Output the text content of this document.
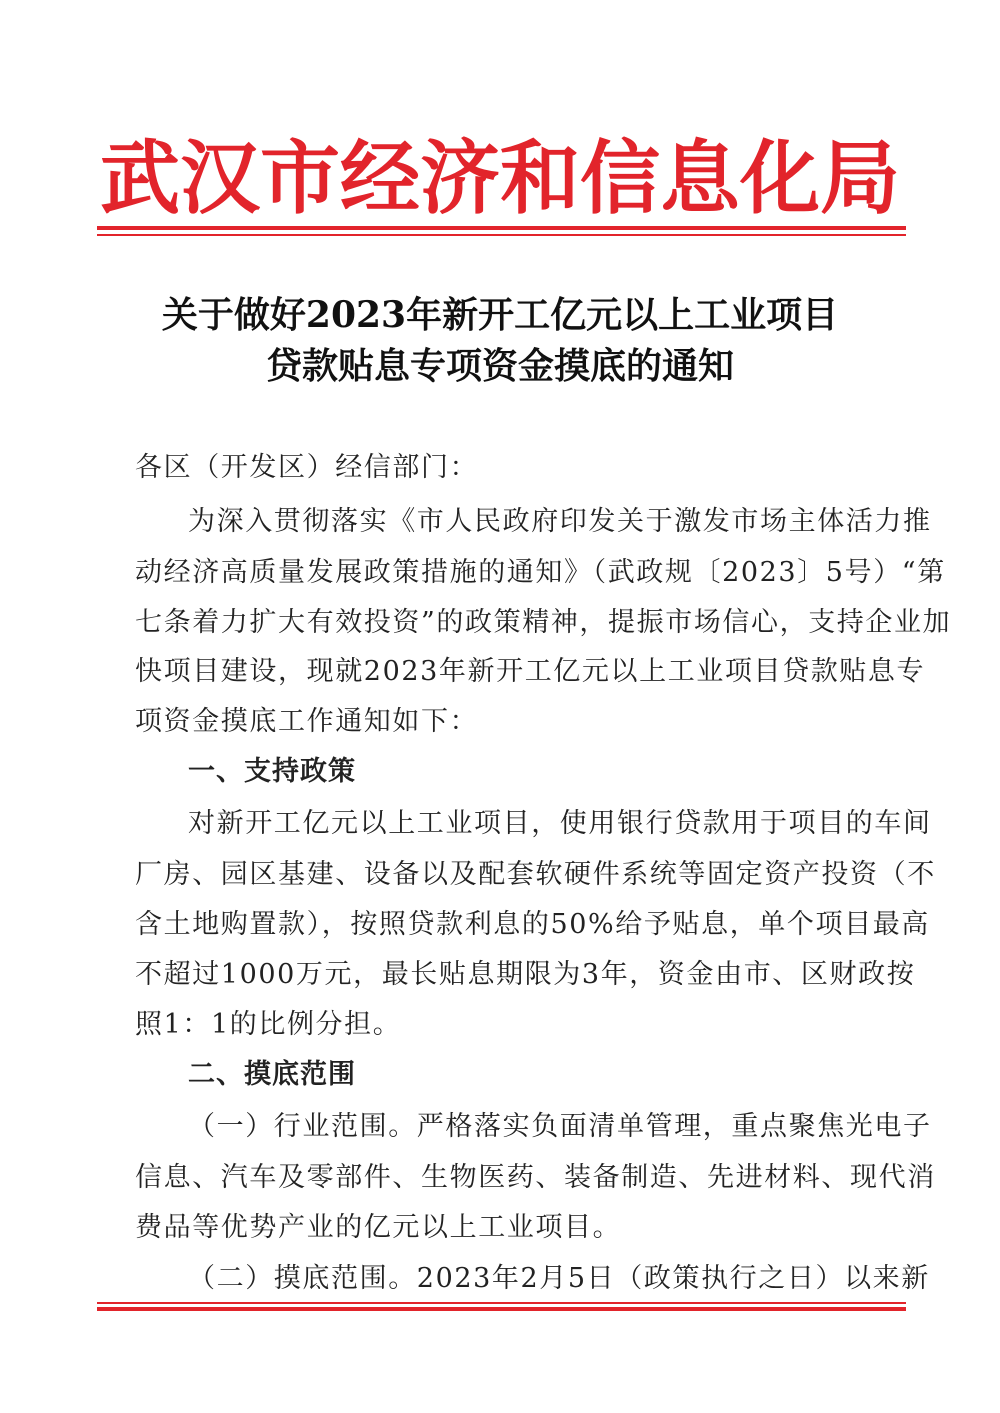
武汉市经济和信息化局
关于做好2023年新开工亿元以上工业项目
贷款贴息专项资金摸底的通知
各区（开发区）经信部门：
为深入贯彻落实《市人民政府印发关于激发市场主体活力推
动经济高质量发展政策措施的通知》（武政规〔2023〕5号）“第
七条着力扩大有效投资”的政策精神，提振市场信心，支持企业加
快项目建设，现就2023年新开工亿元以上工业项目贷款贴息专
项资金摸底工作通知如下：
一、支持政策
对新开工亿元以上工业项目，使用银行贷款用于项目的车间
厂房、园区基建、设备以及配套软硬件系统等固定资产投资（不
含土地购置款），按照贷款利息的50%给予贴息，单个项目最高
不超过1000万元，最长贴息期限为3年，资金由市、区财政按
照1：1的比例分担。
二、摸底范围
（一）行业范围。严格落实负面清单管理，重点聚焦光电子
信息、汽车及零部件、生物医药、装备制造、先进材料、现代消
费品等优势产业的亿元以上工业项目。
（二）摸底范围。2023年2月5日（政策执行之日）以来新
